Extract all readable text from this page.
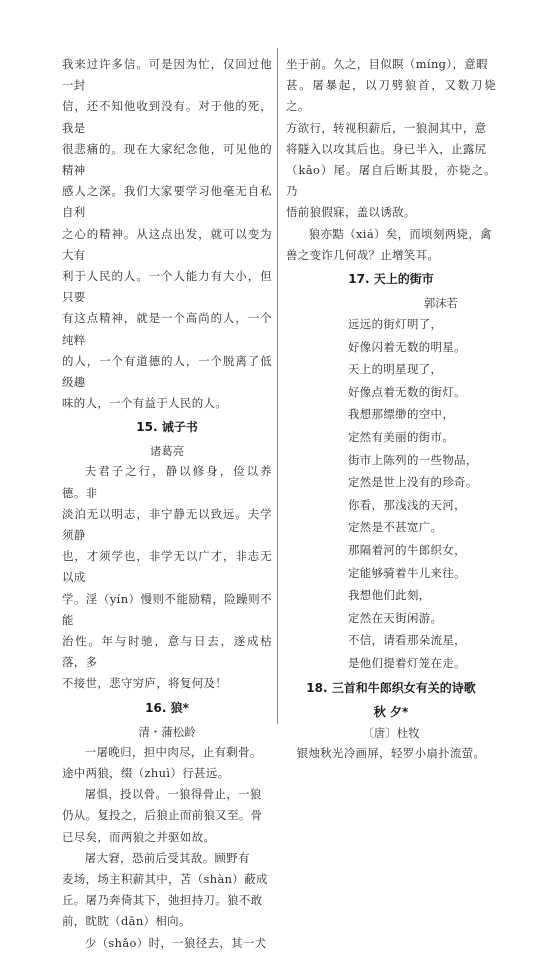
我来过许多信。可是因为忙，仅回过他一封

信，还不知他收到没有。对于他的死，我是

很悲痛的。现在大家纪念他，可见他的精神

感人之深。我们大家要学习他毫无自私自利

之心的精神。从这点出发，就可以变为大有

利于人民的人。一个人能力有大小，但只要

有这点精神，就是一个高尚的人，一个纯粹

的人，一个有道德的人，一个脱离了低级趣

味的人，一个有益于人民的人。

15. 诫子书

诸葛亮

夫君子之行，静以修身，俭以养德。非

淡泊无以明志，非宁静无以致远。夫学须静

也，才须学也，非学无以广才，非志无以成

学。淫（yín）慢则不能励精，险躁则不能

治性。年与时驰，意与日去，遂成枯落，多

不接世，悲守穷庐，将复何及！

16. 狼*

清・蒲松龄

一屠晚归，担中肉尽，止有剩骨。

途中两狼，缀（zhuì）行甚远。

屠惧，投以骨。一狼得骨止，一狼

仍从。复投之，后狼止而前狼又至。骨

已尽矣，而两狼之并驱如故。

屠大窘，恐前后受其敌。顾野有

麦场，场主积薪其中，苫（shàn）蔽成

丘。屠乃奔倚其下，弛担持刀。狼不敢

前，眈眈（dān）相向。

少（shǎo）时，一狼径去，其一犬

坐于前。久之，目似瞑（míng），意暇

甚。屠暴起，以刀劈狼首，又数刀毙之。

方欲行，转视积薪后，一狼洞其中，意

将隧入以攻其后也。身已半入，止露尻

（kāo）尾。屠自后断其股，亦毙之。乃

悟前狼假寐，盖以诱敌。

狼亦黠（xiá）矣，而顷刻两毙，禽

兽之变诈几何哉？止增笑耳。

17. 天上的街市

郭沫若

远远的街灯明了，

好像闪着无数的明星。

天上的明星现了，

好像点着无数的街灯。

我想那缥缈的空中，

定然有美丽的街市。

街市上陈列的一些物品，

定然是世上没有的珍奇。

你看，那浅浅的天河，

定然是不甚宽广。

那隔着河的牛郎织女，

定能够骑着牛儿来往。

我想他们此刻，

定然在天街闲游。

不信，请看那朵流星，

是他们提着灯笼在走。

18. 三首和牛郎织女有关的诗歌

秋 夕*

〔唐〕杜牧

银烛秋光冷画屏，轻罗小扇扑流萤。
